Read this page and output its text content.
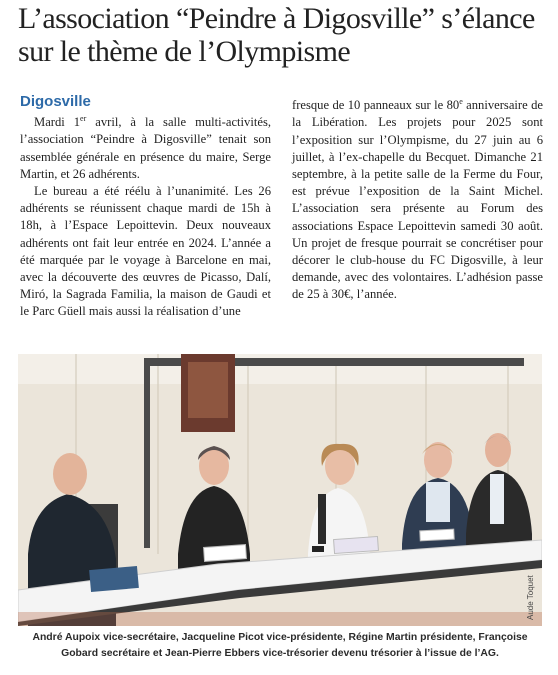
L’association “Peindre à Digosville” s’élance sur le thème de l’Olympisme

Digosville
Mardi 1er avril, à la salle multi-activités, l’association “Peindre à Digosville” tenait son assemblée générale en présence du maire, Serge Martin, et 26 adhérents.

Le bureau a été réélu à l’unanimité. Les 26 adhérents se réunissent chaque mardi de 15h à 18h, à l’Espace Lepoittevin. Deux nouveaux adhérents ont fait leur entrée en 2024. L’année a été marquée par le voyage à Barcelone en mai, avec la découverte des œuvres de Picasso, Dalí, Miró, la Sagrada Familia, la maison de Gaudi et le Parc Güell mais aussi la réalisation d’une

fresque de 10 panneaux sur le 80e anniversaire de la Libération. Les projets pour 2025 sont l’exposition sur l’Olympisme, du 27 juin au 6 juillet, à l’ex-chapelle du Becquet. Dimanche 21 septembre, à la petite salle de la Ferme du Four, est prévue l’exposition de la Saint Michel. L’association sera présente au Forum des associations Espace Lepoittevin samedi 30 août. Un projet de fresque pourrait se concrétiser pour décorer le club-house du FC Digosville, à leur demande, avec des volontaires. L’adhésion passe de 25 à 30€, l’année.

Aude Toquet
André Aupoix vice-secrétaire, Jacqueline Picot vice-présidente, Régine Martin présidente, Françoise Gobard secrétaire et Jean-Pierre Ebbers vice-trésorier devenu trésorier à l’issue de l’AG.
